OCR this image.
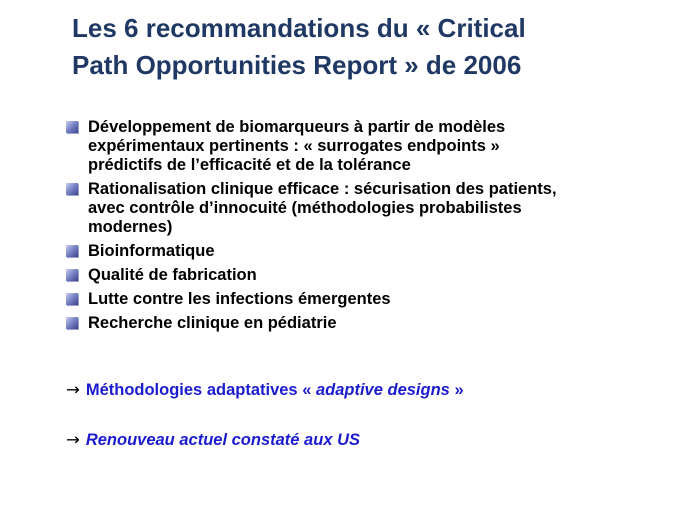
Les 6 recommandations du « Critical
Path Opportunities Report » de 2006
Développement de biomarqueurs à partir de modèles
expérimentaux pertinents : « surrogates endpoints »
prédictifs de l’efficacité et de la tolérance
Rationalisation clinique efficace : sécurisation des patients,
avec contrôle d’innocuité (méthodologies probabilistes
modernes)
Bioinformatique
Qualité de fabrication
Lutte contre les infections émergentes
Recherche clinique en pédiatrie
→ Méthodologies adaptatives « adaptive designs »
→ Renouveau actuel constaté aux US
